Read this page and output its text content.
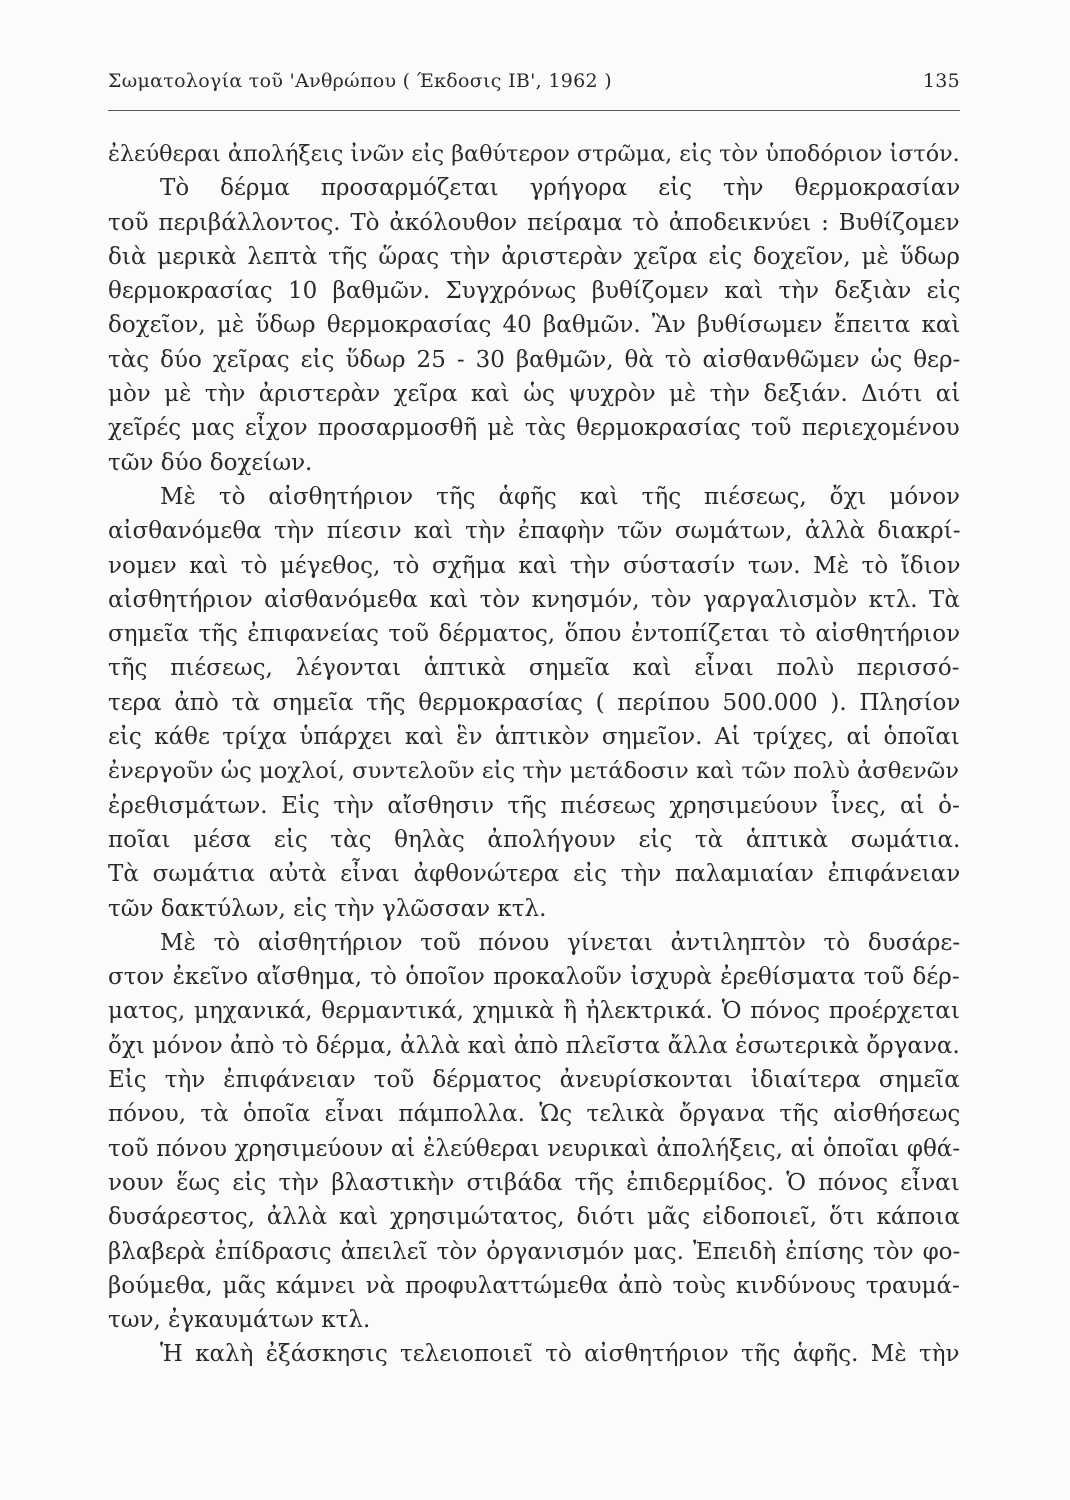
Σωματολογία τοῦ 'Ανθρώπου ( Έκδοσις ΙΒ', 1962 )	135
ἐλεύθεραι ἀπολήξεις ἰνῶν εἰς βαθύτερον στρῶμα, εἰς τὸν ὑποδόριον ἱστόν.
Τὸ δέρμα προσαρμόζεται γρήγορα εἰς τὴν θερμοκρασίαν
τοῦ περιβάλλοντος. Τὸ ἀκόλουθον πείραμα τὸ ἀποδεικνύει : Βυθίζομεν
διὰ μερικὰ λεπτὰ τῆς ὥρας τὴν ἀριστερὰν χεῖρα εἰς δοχεῖον, μὲ ὕδωρ
θερμοκρασίας 10 βαθμῶν. Συγχρόνως βυθίζομεν καὶ τὴν δεξιὰν εἰς
δοχεῖον, μὲ ὕδωρ θερμοκρασίας 40 βαθμῶν. Ἂν βυθίσωμεν ἔπειτα καὶ
τὰς δύο χεῖρας εἰς ὕδωρ 25 - 30 βαθμῶν, θὰ τὸ αἰσθανθῶμεν ὡς θερ-
μὸν μὲ τὴν ἀριστερὰν χεῖρα καὶ ὡς ψυχρὸν μὲ τὴν δεξιάν. Διότι αἱ
χεῖρές μας εἶχον προσαρμοσθῆ μὲ τὰς θερμοκρασίας τοῦ περιεχομένου
τῶν δύο δοχείων.
Μὲ τὸ αἰσθητήριον τῆς ἁφῆς καὶ τῆς πιέσεως, ὄχι μόνον
αἰσθανόμεθα τὴν πίεσιν καὶ τὴν ἐπαφὴν τῶν σωμάτων, ἀλλὰ διακρί-
νομεν καὶ τὸ μέγεθος, τὸ σχῆμα καὶ τὴν σύστασίν των. Μὲ τὸ ἴδιον
αἰσθητήριον αἰσθανόμεθα καὶ τὸν κνησμόν, τὸν γαργαλισμὸν κτλ. Τὰ
σημεῖα τῆς ἐπιφανείας τοῦ δέρματος, ὅπου ἐντοπίζεται τὸ αἰσθητήριον
τῆς πιέσεως, λέγονται ἁπτικὰ σημεῖα καὶ εἶναι πολὺ περισσό-
τερα ἀπὸ τὰ σημεῖα τῆς θερμοκρασίας ( περίπου 500.000 ). Πλησίον
εἰς κάθε τρίχα ὑπάρχει καὶ ἓν ἁπτικὸν σημεῖον. Αἱ τρίχες, αἱ ὁποῖαι
ἐνεργοῦν ὡς μοχλοί, συντελοῦν εἰς τὴν μετάδοσιν καὶ τῶν πολὺ ἀσθενῶν
ἐρεθισμάτων. Εἰς τὴν αἴσθησιν τῆς πιέσεως χρησιμεύουν ἶνες, αἱ ὁ-
ποῖαι μέσα εἰς τὰς θηλὰς ἀπολήγουν εἰς τὰ ἁπτικὰ σωμάτια.
Τὰ σωμάτια αὐτὰ εἶναι ἀφθονώτερα εἰς τὴν παλαμιαίαν ἐπιφάνειαν
τῶν δακτύλων, εἰς τὴν γλῶσσαν κτλ.
Μὲ τὸ αἰσθητήριον τοῦ πόνου γίνεται ἀντιληπτὸν τὸ δυσάρε-
στον ἐκεῖνο αἴσθημα, τὸ ὁποῖον προκαλοῦν ἰσχυρὰ ἐρεθίσματα τοῦ δέρ-
ματος, μηχανικά, θερμαντικά, χημικὰ ἢ ἠλεκτρικά. Ὁ πόνος προέρχεται
ὄχι μόνον ἀπὸ τὸ δέρμα, ἀλλὰ καὶ ἀπὸ πλεῖστα ἄλλα ἐσωτερικὰ ὄργανα.
Εἰς τὴν ἐπιφάνειαν τοῦ δέρματος ἀνευρίσκονται ἰδιαίτερα σημεῖα
πόνου, τὰ ὁποῖα εἶναι πάμπολλα. Ὡς τελικὰ ὄργανα τῆς αἰσθήσεως
τοῦ πόνου χρησιμεύουν αἱ ἐλεύθεραι νευρικαὶ ἀπολήξεις, αἱ ὁποῖαι φθά-
νουν ἕως εἰς τὴν βλαστικὴν στιβάδα τῆς ἐπιδερμίδος. Ὁ πόνος εἶναι
δυσάρεστος, ἀλλὰ καὶ χρησιμώτατος, διότι μᾶς εἰδοποιεῖ, ὅτι κάποια
βλαβερὰ ἐπίδρασις ἀπειλεῖ τὸν ὀργανισμόν μας. Ἐπειδὴ ἐπίσης τὸν φο-
βούμεθα, μᾶς κάμνει νὰ προφυλαττώμεθα ἀπὸ τοὺς κινδύνους τραυμά-
των, ἐγκαυμάτων κτλ.
Ἡ καλὴ ἐξάσκησις τελειοποιεῖ τὸ αἰσθητήριον τῆς ἁφῆς. Μὲ τὴν
